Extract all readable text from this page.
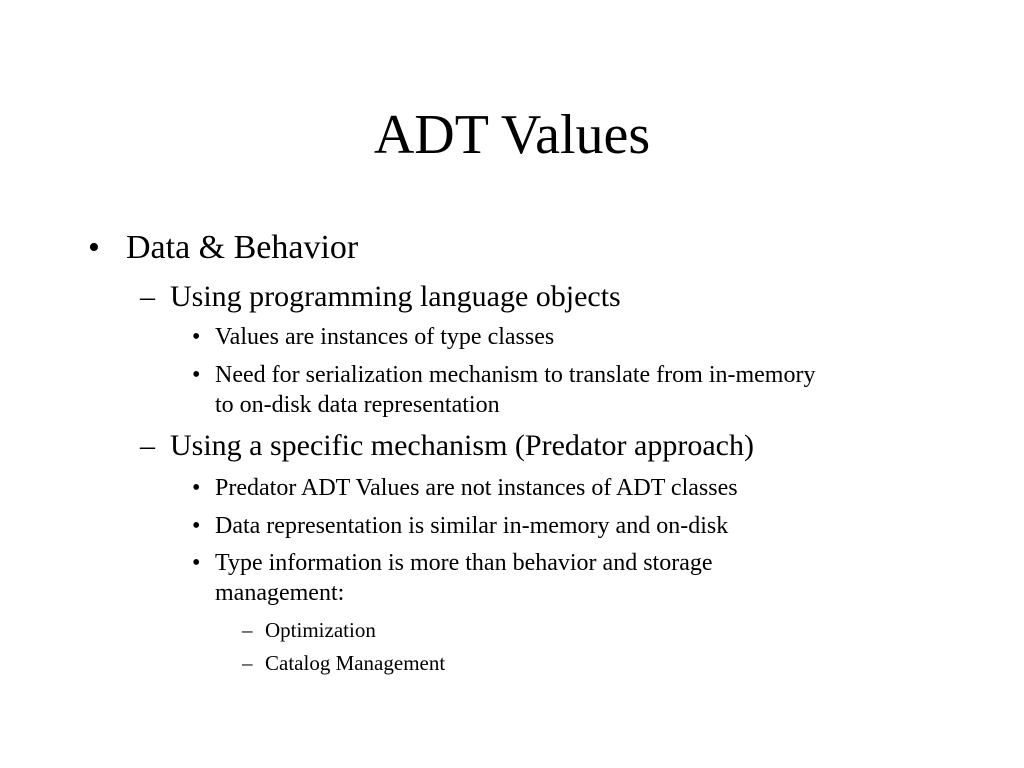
ADT Values
• Data & Behavior

– Using programming language objects

• Values are instances of type classes

• Need for serialization mechanism to translate from in-memory

to on-disk data representation

– Using a specific mechanism (Predator approach)

• Predator ADT Values are not instances of ADT classes

• Data representation is similar in-memory and on-disk

• Type information is more than behavior and storage

management:

– Optimization

– Catalog Management
